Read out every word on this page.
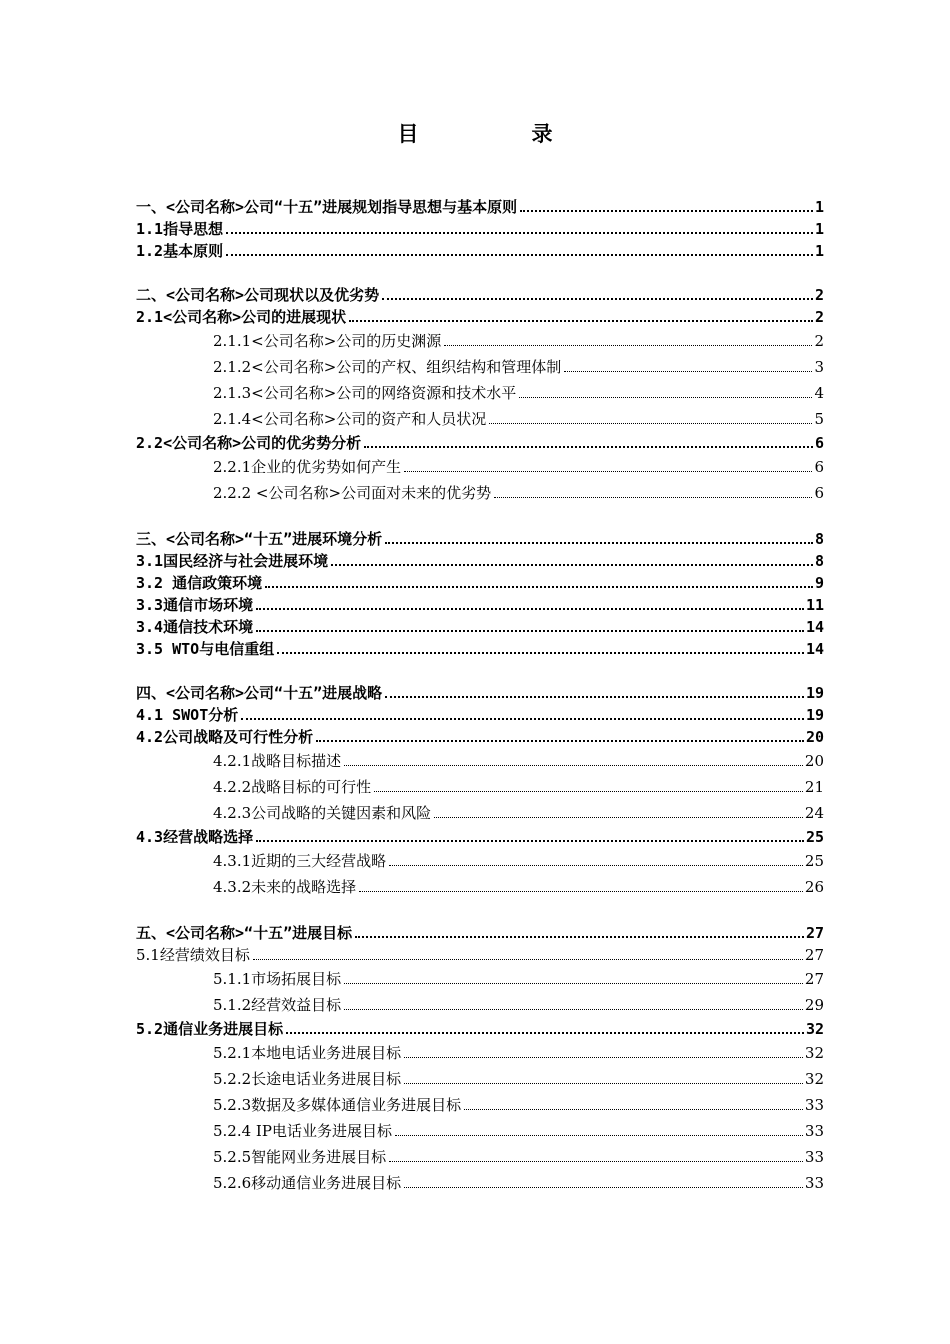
目　录
一、<公司名称>公司“十五”进展规划指导思想与基本原则	1
1.1指导思想	1
1.2基本原则	1
二、<公司名称>公司现状以及优劣势	2
2.1<公司名称>公司的进展现状	2
2.1.1<公司名称>公司的历史渊源	2
2.1.2<公司名称>公司的产权、组织结构和管理体制	3
2.1.3<公司名称>公司的网络资源和技术水平	4
2.1.4<公司名称>公司的资产和人员状况	5
2.2<公司名称>公司的优劣势分析	6
2.2.1企业的优劣势如何产生	6
2.2.2 <公司名称>公司面对未来的优劣势	6
三、<公司名称>“十五”进展环境分析	8
3.1国民经济与社会进展环境	8
3.2 通信政策环境	9
3.3通信市场环境	11
3.4通信技术环境	14
3.5 WTO与电信重组	14
四、<公司名称>公司“十五”进展战略	19
4.1 SWOT分析	19
4.2公司战略及可行性分析	20
4.2.1战略目标描述	20
4.2.2战略目标的可行性	21
4.2.3公司战略的关键因素和风险	24
4.3经营战略选择	25
4.3.1近期的三大经营战略	25
4.3.2未来的战略选择	26
五、<公司名称>“十五”进展目标	27
5.1经营绩效目标	27
5.1.1市场拓展目标	27
5.1.2经营效益目标	29
5.2通信业务进展目标	32
5.2.1本地电话业务进展目标	32
5.2.2长途电话业务进展目标	32
5.2.3数据及多媒体通信业务进展目标	33
5.2.4 IP电话业务进展目标	33
5.2.5智能网业务进展目标	33
5.2.6移动通信业务进展目标	33
